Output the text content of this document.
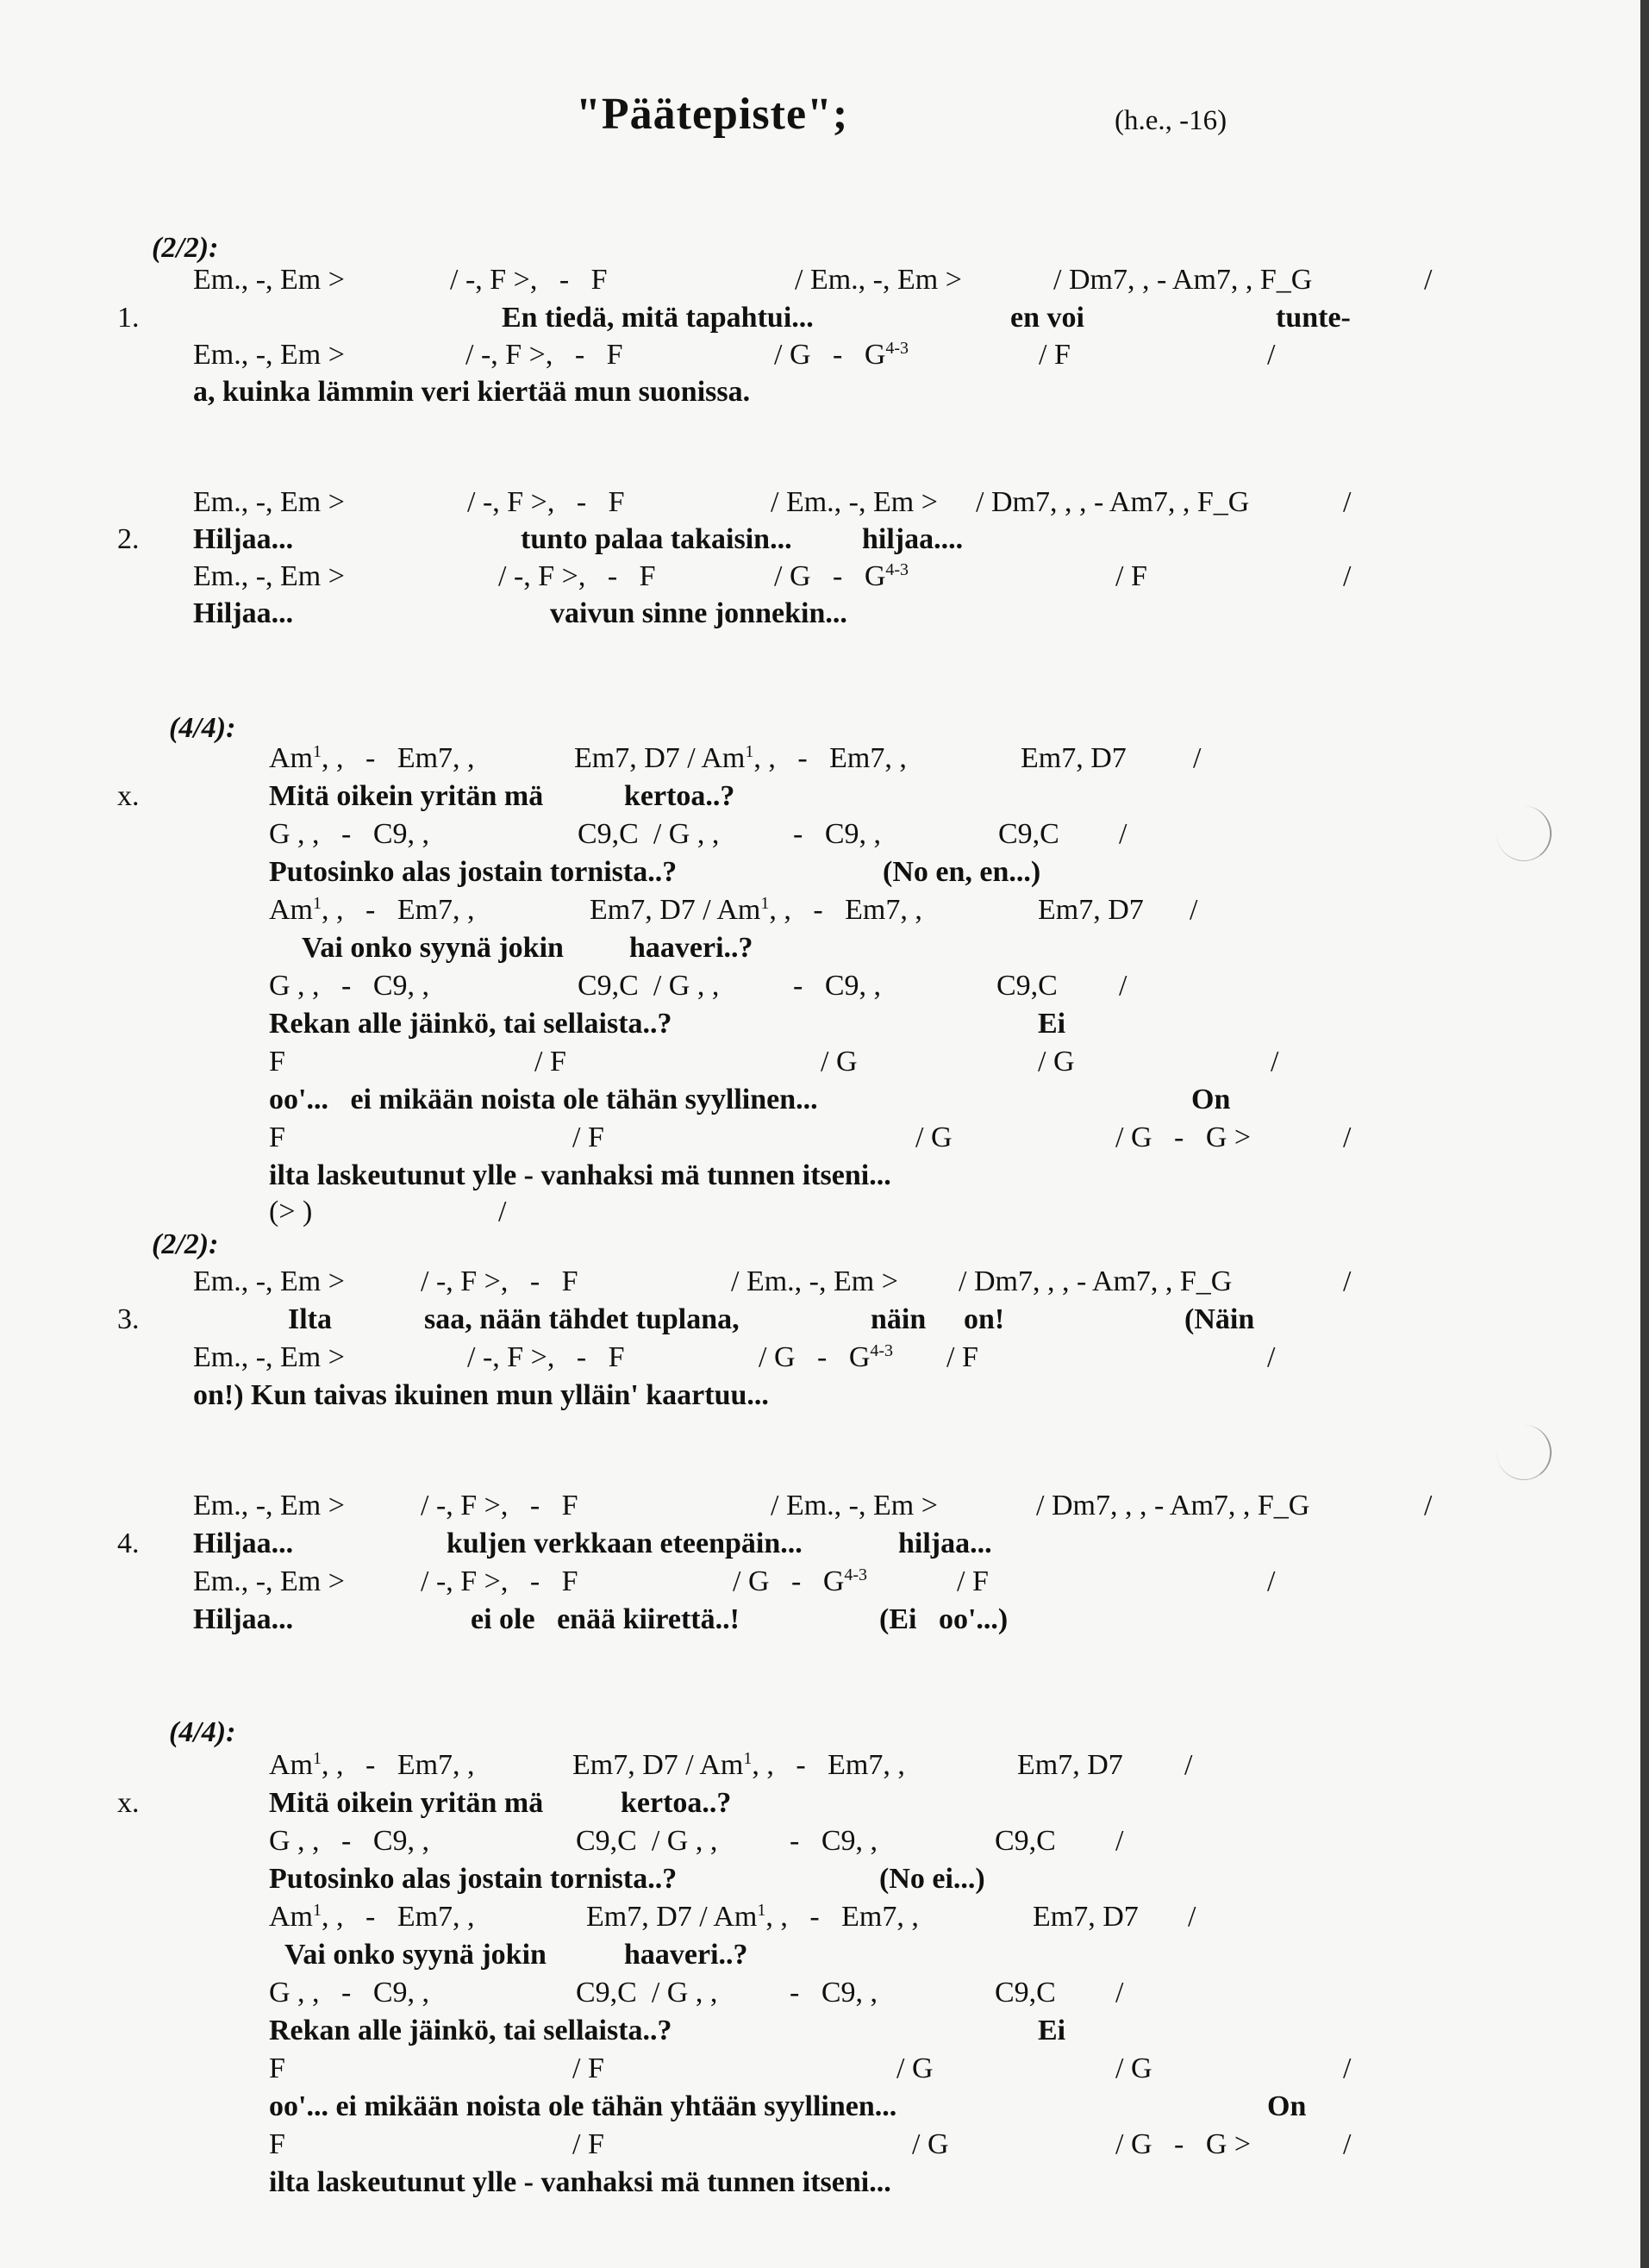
"Päätepiste";	(h.e., -16)
(2/2):
Em., -, Em >	/ -, F >,   -   F	/ Em., -, Em >	/ Dm7, , - Am7, , F_G	/
1.	En tiedä, mitä tapahtui...	en voi	tunte-
Em., -, Em >	/ -, F >,   -   F	/ G   -   $G^{4-3}$	/ F	/
a, kuinka lämmin veri kiertää mun suonissa.
Em., -, Em >	/ -, F >,   -   F	/ Em., -, Em > / Dm7, , , - Am7, , F_G	/
2. Hiljaa...	tunto palaa takaisin... hiljaa....
Em., -, Em >	/ -, F >,   -   F	/ G   -   $G^{4-3}$	/ F	/
Hiljaa...	vaivun sinne jonnekin...
(4/4):
Am$^1$, ,   -   Em7, ,	Em7, D7 / Am$^1$, ,   -   Em7, ,	Em7, D7 /
x.	Mitä oikein yritän mä	kertoa..?
G , ,   -   C9, ,	C9,C  / G , ,	-   C9, ,	C9,C /
Putosinko alas jostain tornista..?	(No en, en...)
Am$^1$, ,   -   Em7, ,	Em7, D7 / Am$^1$, ,   -   Em7, ,	Em7, D7 /
Vai onko syynä jokin haaveri..?
G , ,   -   C9, ,	C9,C  / G , ,	-   C9, ,	C9,C /
Rekan alle jäinkö, tai sellaista..?	Ei
F	/ F	/ G	/ G	/
oo'...   ei mikään noista ole tähän syyllinen...	On
F	/ F	/ G	/ G   -   G >	/
ilta laskeutunut ylle - vanhaksi mä tunnen itseni...
(> )	/
(2/2):
Em., -, Em >	/ -, F >,   -   F	/ Em., -, Em > / Dm7, , , - Am7, , F_G	/
3.	Ilta	saa, nään tähdet tuplana,	näin on!	(Näin
Em., -, Em >	/ -, F >,   -   F	/ G   -   $G^{4-3}$ / F	/
on!) Kun taivas ikuinen mun ylläin' kaartuu...
Em., -, Em >	/ -, F >,   -   F	/ Em., -, Em >	/ Dm7, , , - Am7, , F_G	/
4. Hiljaa...	kuljen verkkaan eteenpäin...	hiljaa...
Em., -, Em >	/ -, F >,   -   F	/ G   -   $G^{4-3}$	/ F	/
Hiljaa...	ei ole   enää kiirettä..!	(Ei   oo'...)
(4/4):
Am$^1$, ,   -   Em7, ,	Em7, D7 / Am$^1$, ,   -   Em7, ,	Em7, D7 /
x.	Mitä oikein yritän mä	kertoa..?
G , ,   -   C9, ,	C9,C  / G , , -   C9, ,	C9,C /
Putosinko alas jostain tornista..?	(No ei...)
Am$^1$, ,   -   Em7, ,	Em7, D7 / Am$^1$, ,   -   Em7, ,	Em7, D7 /
Vai onko syynä jokin	haaveri..?
G , ,   -   C9, ,	C9,C  / G , , -   C9, ,	C9,C /
Rekan alle jäinkö, tai sellaista..?	Ei
F	/ F	/ G	/ G	/
oo'... ei mikään noista ole tähän yhtään syyllinen...	On
F	/ F	/ G	/ G   -   G >	/
ilta laskeutunut ylle - vanhaksi mä tunnen itseni...
